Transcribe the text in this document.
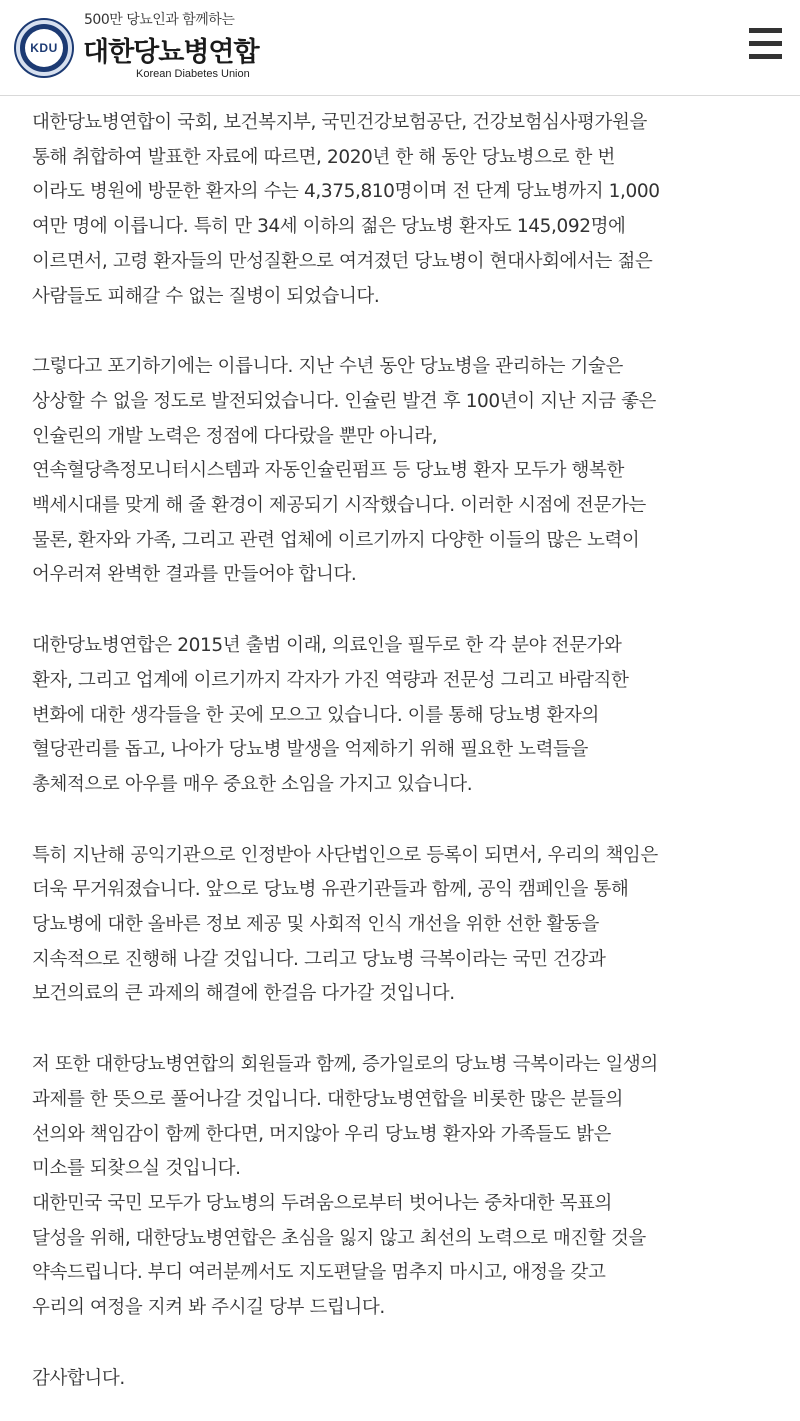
KDU
500만 당뇨인과 함께하는
대한당뇨병연합
Korean Diabetes Union

대한당뇨병연합이 국회, 보건복지부, 국민건강보험공단, 건강보험심사평가원을
통해 취합하여 발표한 자료에 따르면, 2020년 한 해 동안 당뇨병으로 한 번
이라도 병원에 방문한 환자의 수는 4,375,810명이며 전 단계 당뇨병까지 1,000
여만 명에 이릅니다. 특히 만 34세 이하의 젊은 당뇨병 환자도 145,092명에
이르면서, 고령 환자들의 만성질환으로 여겨졌던 당뇨병이 현대사회에서는 젊은
사람들도 피해갈 수 없는 질병이 되었습니다.

그렇다고 포기하기에는 이릅니다. 지난 수년 동안 당뇨병을 관리하는 기술은
상상할 수 없을 정도로 발전되었습니다. 인슐린 발견 후 100년이 지난 지금 좋은
인슐린의 개발 노력은 정점에 다다랐을 뿐만 아니라,
연속혈당측정모니터시스템과 자동인슐린펌프 등 당뇨병 환자 모두가 행복한
백세시대를 맞게 해 줄 환경이 제공되기 시작했습니다. 이러한 시점에 전문가는
물론, 환자와 가족, 그리고 관련 업체에 이르기까지 다양한 이들의 많은 노력이
어우러져 완벽한 결과를 만들어야 합니다.

대한당뇨병연합은 2015년 출범 이래, 의료인을 필두로 한 각 분야 전문가와
환자, 그리고 업계에 이르기까지 각자가 가진 역량과 전문성 그리고 바람직한
변화에 대한 생각들을 한 곳에 모으고 있습니다. 이를 통해 당뇨병 환자의
혈당관리를 돕고, 나아가 당뇨병 발생을 억제하기 위해 필요한 노력들을
총체적으로 아우를 매우 중요한 소임을 가지고 있습니다.

특히 지난해 공익기관으로 인정받아 사단법인으로 등록이 되면서, 우리의 책임은
더욱 무거워졌습니다. 앞으로 당뇨병 유관기관들과 함께, 공익 캠페인을 통해
당뇨병에 대한 올바른 정보 제공 및 사회적 인식 개선을 위한 선한 활동을
지속적으로 진행해 나갈 것입니다. 그리고 당뇨병 극복이라는 국민 건강과
보건의료의 큰 과제의 해결에 한걸음 다가갈 것입니다.

저 또한 대한당뇨병연합의 회원들과 함께, 증가일로의 당뇨병 극복이라는 일생의
과제를 한 뜻으로 풀어나갈 것입니다. 대한당뇨병연합을 비롯한 많은 분들의
선의와 책임감이 함께 한다면, 머지않아 우리 당뇨병 환자와 가족들도 밝은
미소를 되찾으실 것입니다.
대한민국 국민 모두가 당뇨병의 두려움으로부터 벗어나는 중차대한 목표의
달성을 위해, 대한당뇨병연합은 초심을 잃지 않고 최선의 노력으로 매진할 것을
약속드립니다. 부디 여러분께서도 지도편달을 멈추지 마시고, 애정을 갖고
우리의 여정을 지켜 봐 주시길 당부 드립니다.

감사합니다.
